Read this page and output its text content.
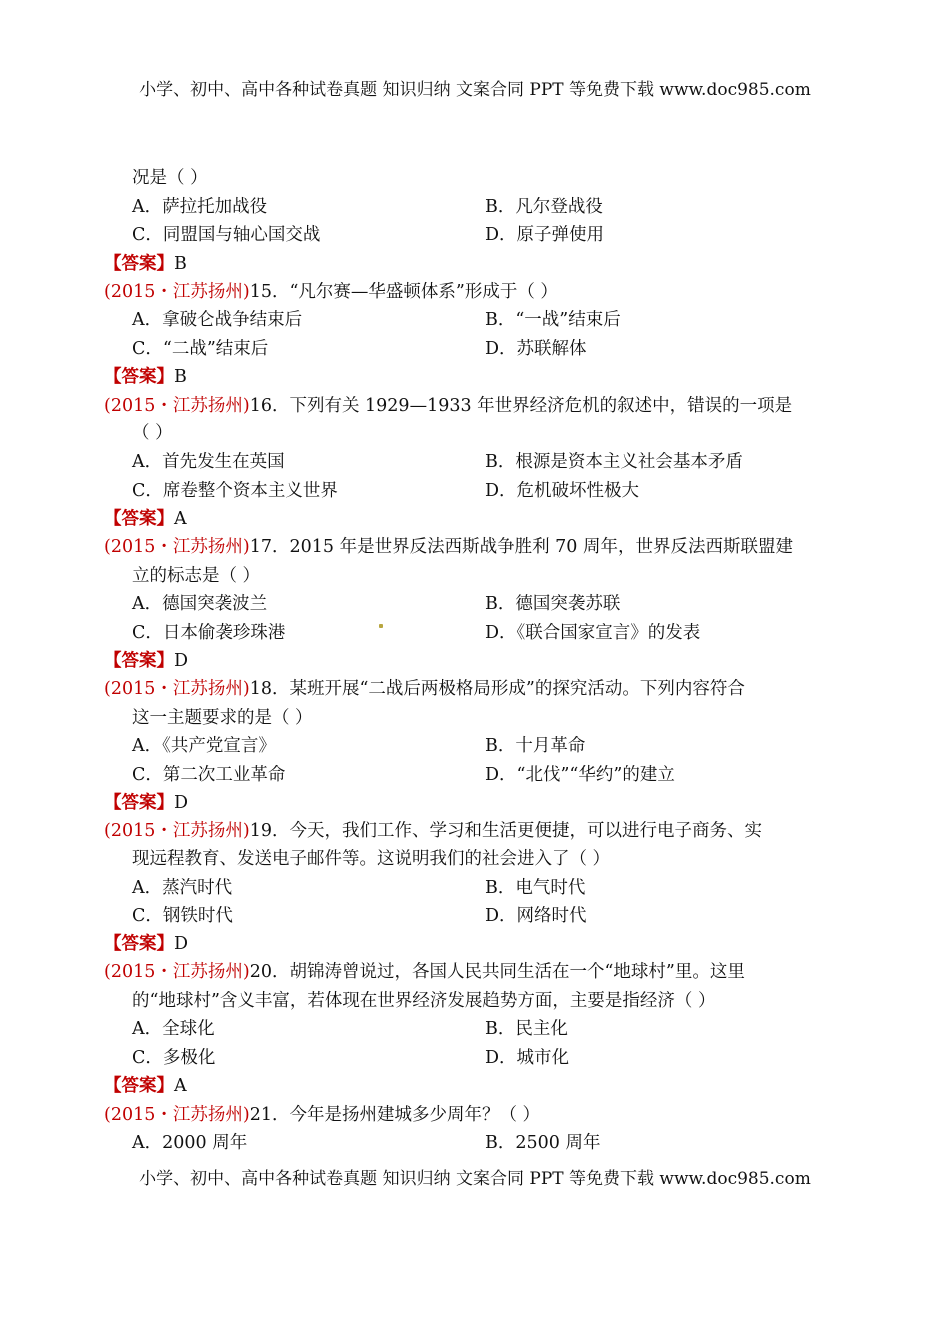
小学、初中、高中各种试卷真题 知识归纳 文案合同 PPT 等免费下载 www.doc985.com
况是（ ）
A．萨拉托加战役	B．凡尔登战役
C．同盟国与轴心国交战	D．原子弹使用
【答案】B
(2015・江苏扬州)15．“凡尔赛—华盛顿体系”形成于（ ）
A．拿破仑战争结束后	B．“一战”结束后
C．“二战”结束后	D．苏联解体
【答案】B
(2015・江苏扬州)16．下列有关 1929—1933 年世界经济危机的叙述中，错误的一项是
（ ）
A．首先发生在英国	B．根源是资本主义社会基本矛盾
C．席卷整个资本主义世界	D．危机破坏性极大
【答案】A
(2015・江苏扬州)17．2015 年是世界反法西斯战争胜利 70 周年，世界反法西斯联盟建
立的标志是（ ）
A．德国突袭波兰	B．德国突袭苏联
C．日本偷袭珍珠港	D．《联合国家宣言》的发表
【答案】D
(2015・江苏扬州)18．某班开展“二战后两极格局形成”的探究活动。下列内容符合
这一主题要求的是（ ）
A．《共产党宣言》	B．十月革命
C．第二次工业革命	D．“北伐”“华约”的建立
【答案】D
(2015・江苏扬州)19．今天，我们工作、学习和生活更便捷，可以进行电子商务、实
现远程教育、发送电子邮件等。这说明我们的社会进入了（ ）
A．蒸汽时代	B．电气时代
C．钢铁时代	D．网络时代
【答案】D
(2015・江苏扬州)20．胡锦涛曾说过，各国人民共同生活在一个“地球村”里。这里
的“地球村”含义丰富，若体现在世界经济发展趋势方面，主要是指经济（ ）
A．全球化	B．民主化
C．多极化	D．城市化
【答案】A
(2015・江苏扬州)21．今年是扬州建城多少周年？（ ）
A．2000 周年	B．2500 周年
小学、初中、高中各种试卷真题 知识归纳 文案合同 PPT 等免费下载 www.doc985.com
